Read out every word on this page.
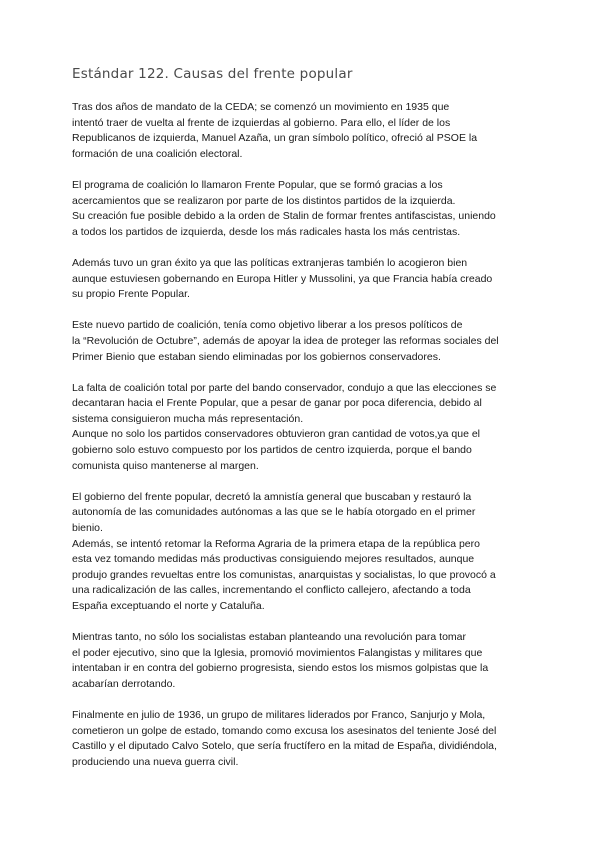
Estándar 122. Causas del frente popular

Tras dos años de mandato de la CEDA; se comenzó un movimiento en 1935 que
intentó traer de vuelta al frente de izquierdas al gobierno. Para ello, el líder de los
Republicanos de izquierda, Manuel Azaña, un gran símbolo político, ofreció al PSOE la
formación de una coalición electoral.

El programa de coalición lo llamaron Frente Popular, que se formó gracias a los
acercamientos que se realizaron por parte de los distintos partidos de la izquierda.
Su creación fue posible debido a la orden de Stalin de formar frentes antifascistas, uniendo
a todos los partidos de izquierda, desde los más radicales hasta los más centristas.

Además tuvo un gran éxito ya que las políticas extranjeras también lo acogieron bien
aunque estuviesen gobernando en Europa Hitler y Mussolini, ya que Francia había creado
su propio Frente Popular.

Este nuevo partido de coalición, tenía como objetivo liberar a los presos políticos de
la “Revolución de Octubre”, además de apoyar la idea de proteger las reformas sociales del
Primer Bienio que estaban siendo eliminadas por los gobiernos conservadores.

La falta de coalición total por parte del bando conservador, condujo a que las elecciones se
decantaran hacia el Frente Popular, que a pesar de ganar por poca diferencia, debido al
sistema consiguieron mucha más representación.
Aunque no solo los partidos conservadores obtuvieron gran cantidad de votos,ya que el
gobierno solo estuvo compuesto por los partidos de centro izquierda, porque el bando
comunista quiso mantenerse al margen.

El gobierno del frente popular, decretó la amnistía general que buscaban y restauró la
autonomía de las comunidades autónomas a las que se le había otorgado en el primer
bienio.
Además, se intentó retomar la Reforma Agraria de la primera etapa de la república pero
esta vez tomando medidas más productivas consiguiendo mejores resultados, aunque
produjo grandes revueltas entre los comunistas, anarquistas y socialistas, lo que provocó a
una radicalización de las calles, incrementando el conflicto callejero, afectando a toda
España exceptuando el norte y Cataluña.

Mientras tanto, no sólo los socialistas estaban planteando una revolución para tomar
el poder ejecutivo, sino que la Iglesia, promovió movimientos Falangistas y militares que
intentaban ir en contra del gobierno progresista, siendo estos los mismos golpistas que la
acabarían derrotando.

Finalmente en julio de 1936, un grupo de militares liderados por Franco, Sanjurjo y Mola,
cometieron un golpe de estado, tomando como excusa los asesinatos del teniente José del
Castillo y el diputado Calvo Sotelo, que sería fructífero en la mitad de España, dividiéndola,
produciendo una nueva guerra civil.
